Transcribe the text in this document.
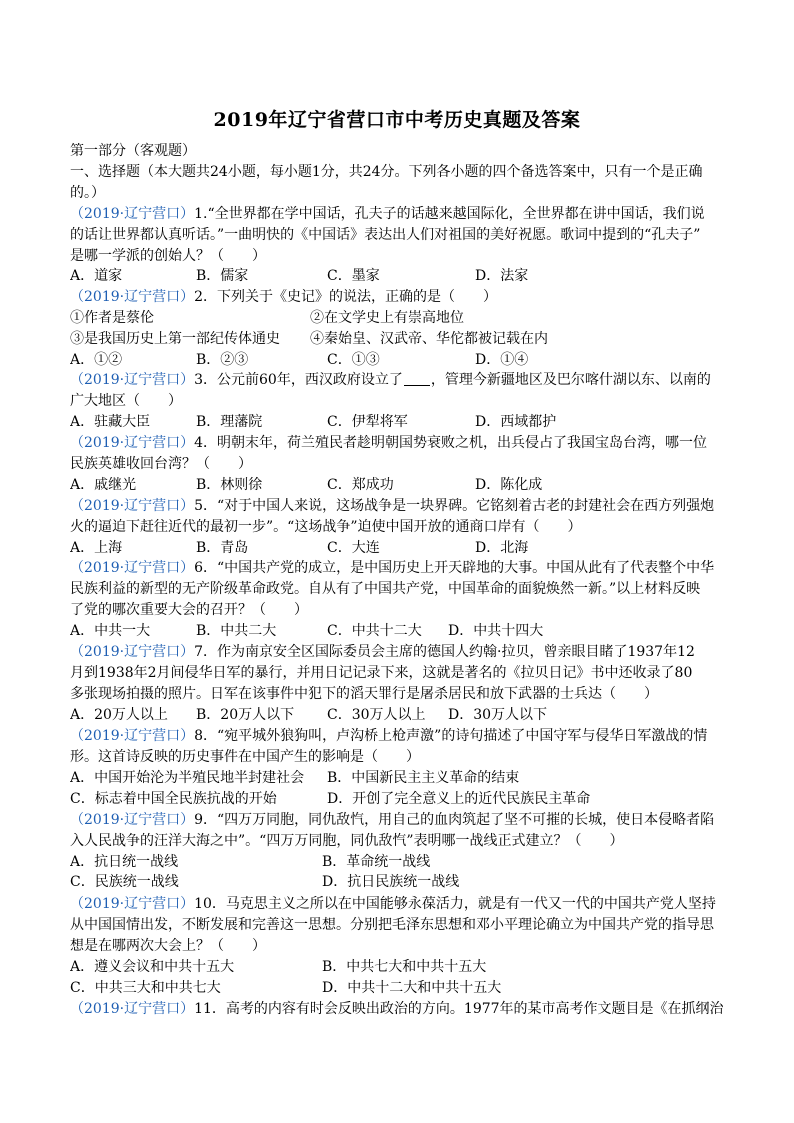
2019年辽宁省营口市中考历史真题及答案
第一部分（客观题）
一、选择题（本大题共24小题，每小题1分，共24分。下列各小题的四个备选答案中，只有一个是正确
的。）
（2019·辽宁营口）1.“全世界都在学中国话，孔夫子的话越来越国际化，全世界都在讲中国话，我们说
的话让世界都认真听话。”一曲明快的《中国话》表达出人们对祖国的美好祝愿。歌词中提到的“孔夫子”
是哪一学派的创始人？（　　）
A．道家	B．儒家	C．墨家	D．法家
（2019·辽宁营口）2．下列关于《史记》的说法，正确的是（　　）
①作者是蔡伦	②在文学史上有崇高地位
③是我国历史上第一部纪传体通史 ④秦始皇、汉武帝、华佗都被记载在内
A．①②	B．②③	C．①③	D．①④
（2019·辽宁营口）3．公元前60年，西汉政府设立了 ，管理今新疆地区及巴尔喀什湖以东、以南的
广大地区（　　）
A．驻藏大臣	B．理藩院	C．伊犁将军	D．西域都护
（2019·辽宁营口）4．明朝末年，荷兰殖民者趁明朝国势衰败之机，出兵侵占了我国宝岛台湾，哪一位
民族英雄收回台湾？（　　）
A．戚继光	B．林则徐	C．郑成功	D．陈化成
（2019·辽宁营口）5．“对于中国人来说，这场战争是一块界碑。它铭刻着古老的封建社会在西方列强炮
火的逼迫下赶往近代的最初一步”。“这场战争”迫使中国开放的通商口岸有（　　）
A．上海	B．青岛	C．大连	D．北海
（2019·辽宁营口）6．“中国共产党的成立，是中国历史上开天辟地的大事。中国从此有了代表整个中华
民族利益的新型的无产阶级革命政党。自从有了中国共产党，中国革命的面貌焕然一新。”以上材料反映
了党的哪次重要大会的召开？（　　）
A．中共一大	B．中共二大	C．中共十二大 D．中共十四大
（2019·辽宁营口）7．作为南京安全区国际委员会主席的德国人约翰·拉贝，曾亲眼目睹了1937年12
月到1938年2月间侵华日军的暴行，并用日记记录下来，这就是著名的《拉贝日记》书中还收录了80
多张现场拍摄的照片。日军在该事件中犯下的滔天罪行是屠杀居民和放下武器的士兵达（　　）
A．20万人以上 B．20万人以下 C．30万人以上 D．30万人以下
（2019·辽宁营口）8．“宛平城外狼狗叫，卢沟桥上枪声激”的诗句描述了中国守军与侵华日军激战的情
形。这首诗反映的历史事件在中国产生的影响是（　　）
A．中国开始沦为半殖民地半封建社会 B．中国新民主主义革命的结束
C．标志着中国全民族抗战的开始	D．开创了完全意义上的近代民族民主革命
（2019·辽宁营口）9．“四万万同胞，同仇敌忾，用自己的血肉筑起了坚不可摧的长城，使日本侵略者陷
入人民战争的汪洋大海之中”。“四万万同胞，同仇敌忾”表明哪一战线正式建立？（　　）
A．抗日统一战线	B．革命统一战线
C．民族统一战线	D．抗日民族统一战线
（2019·辽宁营口）10．马克思主义之所以在中国能够永葆活力，就是有一代又一代的中国共产党人坚持
从中国国情出发，不断发展和完善这一思想。分别把毛泽东思想和邓小平理论确立为中国共产党的指导思
想是在哪两次大会上？（　　）
A．遵义会议和中共十五大	B．中共七大和中共十五大
C．中共三大和中共七大	D．中共十二大和中共十五大
（2019·辽宁营口）11．高考的内容有时会反映出政治的方向。1977年的某市高考作文题目是《在抓纲治
